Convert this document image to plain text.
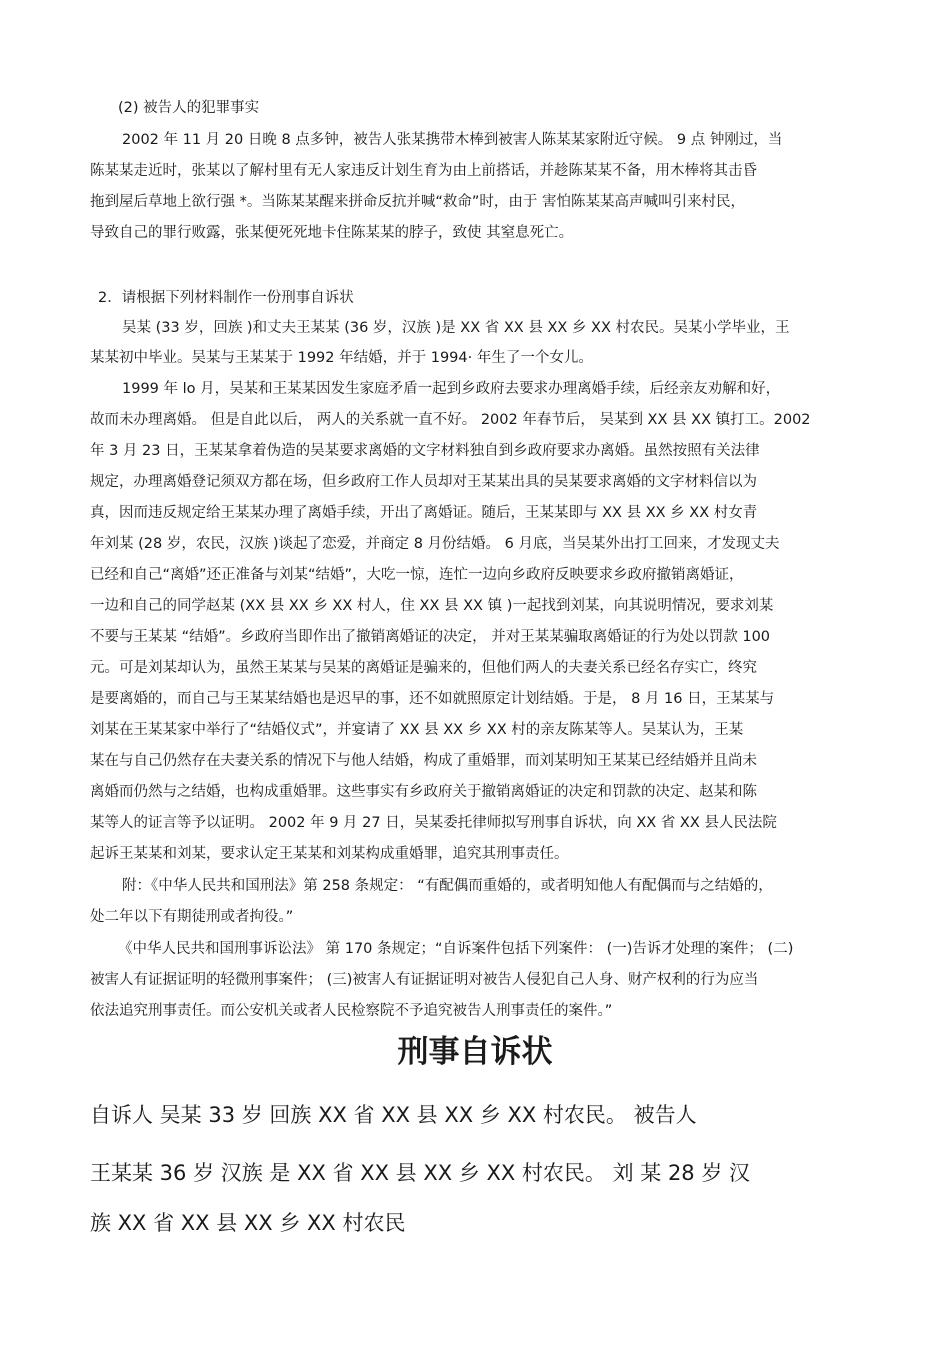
(2) 被告人的犯罪事实

2002 年 11 月 20 日晚 8 点多钟，被告人张某携带木棒到被害人陈某某家附近守候。 9 点 钟刚过，当

陈某某走近时，张某以了解村里有无人家违反计划生育为由上前搭话，并趁陈某某不备，用木棒将其击昏

拖到屋后草地上欲行强 *。当陈某某醒来拼命反抗并喊“救命”时，由于 害怕陈某某高声喊叫引来村民，

导致自己的罪行败露，张某便死死地卡住陈某某的脖子，致使 其窒息死亡。

2．请根据下列材料制作一份刑事自诉状

吴某 (33 岁，回族 )和丈夫王某某 (36 岁，汉族 )是 XX 省 XX 县 XX 乡 XX 村农民。吴某小学毕业，王

某某初中毕业。吴某与王某某于 1992 年结婚，并于 1994· 年生了一个女儿。

1999 年 lo 月，吴某和王某某因发生家庭矛盾一起到乡政府去要求办理离婚手续，后经亲友劝解和好，

故而未办理离婚。 但是自此以后， 两人的关系就一直不好。 2002 年春节后， 吴某到 XX 县 XX 镇打工。2002

年 3 月 23 日，王某某拿着伪造的吴某要求离婚的文字材料独自到乡政府要求办离婚。虽然按照有关法律

规定，办理离婚登记须双方都在场，但乡政府工作人员却对王某某出具的吴某要求离婚的文字材料信以为

真，因而违反规定给王某某办理了离婚手续，开出了离婚证。随后，王某某即与 XX 县 XX 乡 XX 村女青

年刘某 (28 岁，农民，汉族 )谈起了恋爱，并商定 8 月份结婚。 6 月底，当吴某外出打工回来，才发现丈夫

已经和自己“离婚”还正准备与刘某“结婚”，大吃一惊，连忙一边向乡政府反映要求乡政府撤销离婚证，

一边和自己的同学赵某 (XX 县 XX 乡 XX 村人，住 XX 县 XX 镇 )一起找到刘某，向其说明情况，要求刘某

不要与王某某 “结婚”。乡政府当即作出了撤销离婚证的决定， 并对王某某骗取离婚证的行为处以罚款 100

元。可是刘某却认为，虽然王某某与吴某的离婚证是骗来的，但他们两人的夫妻关系已经名存实亡，终究

是要离婚的，而自己与王某某结婚也是迟早的事，还不如就照原定计划结婚。于是， 8 月 16 日，王某某与

刘某在王某某家中举行了“结婚仪式”，并宴请了 XX 县 XX 乡 XX 村的亲友陈某等人。吴某认为，王某

某在与自己仍然存在夫妻关系的情况下与他人结婚，构成了重婚罪，而刘某明知王某某已经结婚并且尚未

离婚而仍然与之结婚，也构成重婚罪。这些事实有乡政府关于撤销离婚证的决定和罚款的决定、赵某和陈

某等人的证言等予以证明。 2002 年 9 月 27 日，吴某委托律师拟写刑事自诉状，向 XX 省 XX 县人民法院

起诉王某某和刘某，要求认定王某某和刘某构成重婚罪，追究其刑事责任。

附：《中华人民共和国刑法》第 258 条规定： “有配偶而重婚的，或者明知他人有配偶而与之结婚的，

处二年以下有期徒刑或者拘役。”

《中华人民共和国刑事诉讼法》 第 170 条规定；“自诉案件包括下列案件： (一)告诉才处理的案件； (二)

被害人有证据证明的轻微刑事案件； (三)被害人有证据证明对被告人侵犯自己人身、财产权利的行为应当

依法追究刑事责任。而公安机关或者人民检察院不予追究被告人刑事责任的案件。”

刑事自诉状

自诉人 吴某 33 岁 回族 XX 省 XX 县 XX 乡 XX 村农民。 被告人

王某某 36 岁 汉族 是 XX 省 XX 县 XX 乡 XX 村农民。 刘 某 28 岁 汉

族 XX 省 XX 县 XX 乡 XX 村农民
